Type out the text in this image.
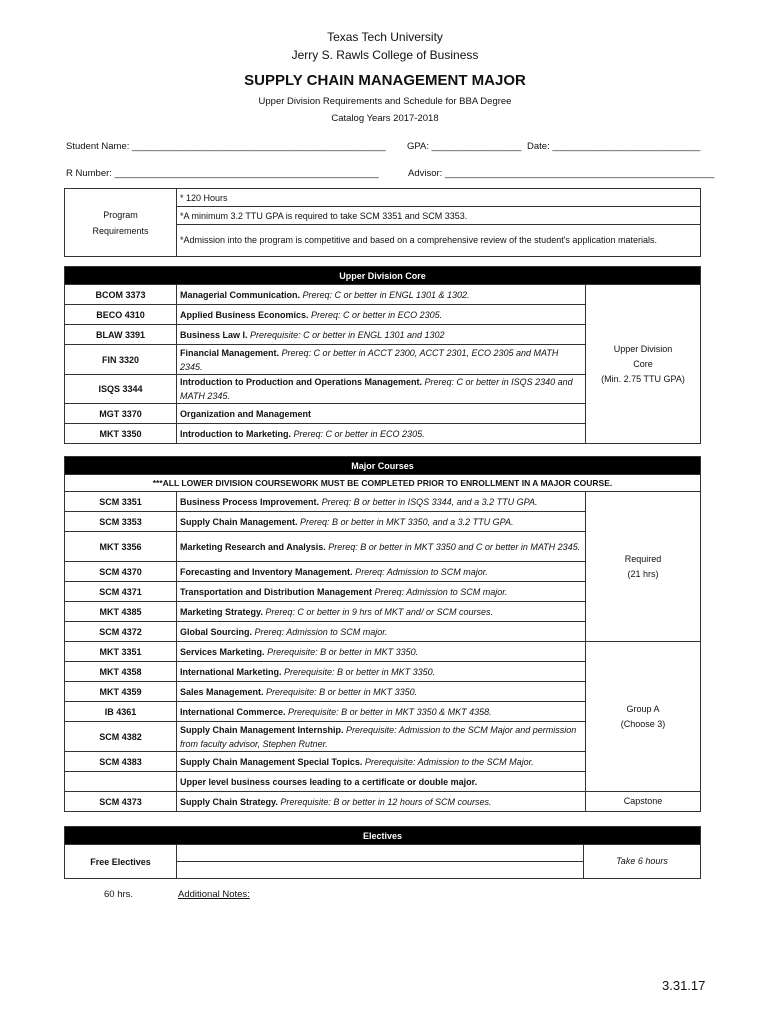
Texas Tech University
Jerry S. Rawls College of Business
SUPPLY CHAIN MANAGEMENT MAJOR
Upper Division Requirements and Schedule for BBA Degree
Catalog Years 2017-2018
Student Name: ________________________________________________ GPA: _________________ Date: ____________________________
R Number: __________________________________________________	Advisor: ___________________________________________________
Program
Requirements	* 120 Hours
*A minimum 3.2 TTU GPA is required to take SCM 3351 and SCM 3353.
*Admission into the program is competitive and based on a comprehensive review of the student's application materials.
Upper Division Core		
BCOM 3373	Managerial Communication. Prereq: C or better in ENGL 1301 & 1302.	Upper Division
Core
(Min. 2.75 TTU GPA)
BECO 4310	Applied Business Economics. Prereq: C or better in ECO 2305.	
BLAW 3391	Business Law I. Prerequisite: C or better in ENGL 1301 and 1302	
FIN 3320	Financial Management. Prereq: C or better in ACCT 2300, ACCT 2301, ECO 2305 and MATH 2345.	
ISQS 3344	Introduction to Production and Operations Management. Prereq: C or better in ISQS 2340 and MATH 2345.	
MGT 3370	Organization and Management	
MKT 3350	Introduction to Marketing. Prereq: C or better in ECO 2305.	
Major Courses		
***ALL LOWER DIVISION COURSEWORK MUST BE COMPLETED PRIOR TO ENROLLMENT IN A MAJOR COURSE.		
SCM 3351	Business Process Improvement. Prereq: B or better in ISQS 3344, and a 3.2 TTU GPA.	Required
(21 hrs)
SCM 3353	Supply Chain Management. Prereq: B or better in MKT 3350, and a 3.2 TTU GPA.	
MKT 3356	Marketing Research and Analysis. Prereq: B or better in MKT 3350 and C or better in MATH 2345.	
SCM 4370	Forecasting and Inventory Management. Prereq: Admission to SCM major.	
SCM 4371	Transportation and Distribution Management Prereq: Admission to SCM major.	
MKT 4385	Marketing Strategy. Prereq: C or better in 9 hrs of MKT and/ or SCM courses.	
SCM 4372	Global Sourcing. Prereq: Admission to SCM major.	
MKT 3351	Services Marketing. Prerequisite: B or better in MKT 3350.	Group A
(Choose 3)
MKT 4358	International Marketing. Prerequisite: B or better in MKT 3350.	
MKT 4359	Sales Management. Prerequisite: B or better in MKT 3350.	
IB 4361	International Commerce. Prerequisite: B or better in MKT 3350 & MKT 4358.	
SCM 4382	Supply Chain Management Internship. Prerequisite: Admission to the SCM Major and permission from faculty advisor, Stephen Rutner.	
SCM 4383	Supply Chain Management Special Topics. Prerequisite: Admission to the SCM Major.	
	Upper level business courses leading to a certificate or double major.	
SCM 4373	Supply Chain Strategy. Prerequisite: B or better in 12 hours of SCM courses.	Capstone
Electives
Free Electives		Take 6 hours

60 hrs.	Additional Notes:
3.31.17
